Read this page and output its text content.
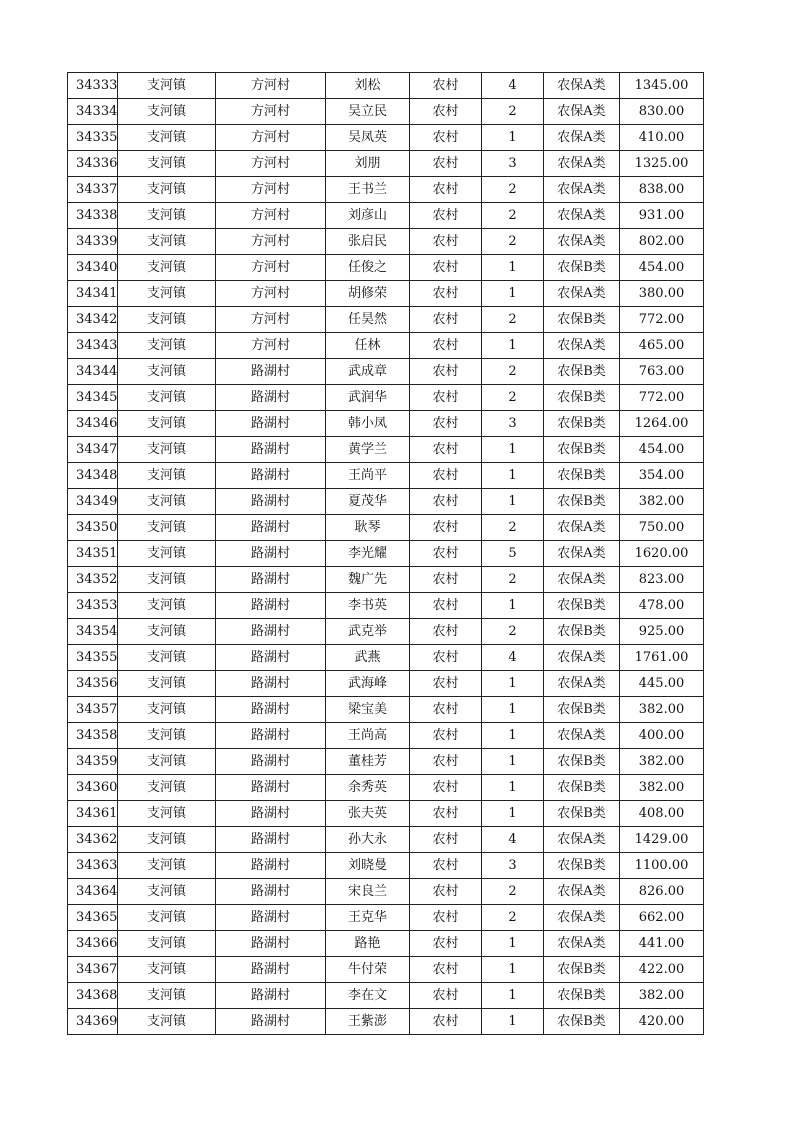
34333	支河镇	方河村	刘松	农村	4	农保A类	1345.00
34334	支河镇	方河村	吴立民	农村	2	农保A类	830.00
34335	支河镇	方河村	吴凤英	农村	1	农保A类	410.00
34336	支河镇	方河村	刘朋	农村	3	农保A类	1325.00
34337	支河镇	方河村	王书兰	农村	2	农保A类	838.00
34338	支河镇	方河村	刘彦山	农村	2	农保A类	931.00
34339	支河镇	方河村	张启民	农村	2	农保A类	802.00
34340	支河镇	方河村	任俊之	农村	1	农保B类	454.00
34341	支河镇	方河村	胡修荣	农村	1	农保A类	380.00
34342	支河镇	方河村	任昊然	农村	2	农保B类	772.00
34343	支河镇	方河村	任林	农村	1	农保A类	465.00
34344	支河镇	路湖村	武成章	农村	2	农保B类	763.00
34345	支河镇	路湖村	武润华	农村	2	农保B类	772.00
34346	支河镇	路湖村	韩小凤	农村	3	农保B类	1264.00
34347	支河镇	路湖村	黄学兰	农村	1	农保B类	454.00
34348	支河镇	路湖村	王尚平	农村	1	农保B类	354.00
34349	支河镇	路湖村	夏茂华	农村	1	农保B类	382.00
34350	支河镇	路湖村	耿琴	农村	2	农保A类	750.00
34351	支河镇	路湖村	李光耀	农村	5	农保A类	1620.00
34352	支河镇	路湖村	魏广先	农村	2	农保A类	823.00
34353	支河镇	路湖村	李书英	农村	1	农保B类	478.00
34354	支河镇	路湖村	武克举	农村	2	农保B类	925.00
34355	支河镇	路湖村	武燕	农村	4	农保A类	1761.00
34356	支河镇	路湖村	武海峰	农村	1	农保A类	445.00
34357	支河镇	路湖村	梁宝美	农村	1	农保B类	382.00
34358	支河镇	路湖村	王尚高	农村	1	农保A类	400.00
34359	支河镇	路湖村	董桂芳	农村	1	农保B类	382.00
34360	支河镇	路湖村	余秀英	农村	1	农保B类	382.00
34361	支河镇	路湖村	张夫英	农村	1	农保B类	408.00
34362	支河镇	路湖村	孙大永	农村	4	农保A类	1429.00
34363	支河镇	路湖村	刘晓曼	农村	3	农保B类	1100.00
34364	支河镇	路湖村	宋良兰	农村	2	农保A类	826.00
34365	支河镇	路湖村	王克华	农村	2	农保A类	662.00
34366	支河镇	路湖村	路艳	农村	1	农保A类	441.00
34367	支河镇	路湖村	牛付荣	农村	1	农保B类	422.00
34368	支河镇	路湖村	李在文	农村	1	农保B类	382.00
34369	支河镇	路湖村	王紫澎	农村	1	农保B类	420.00
